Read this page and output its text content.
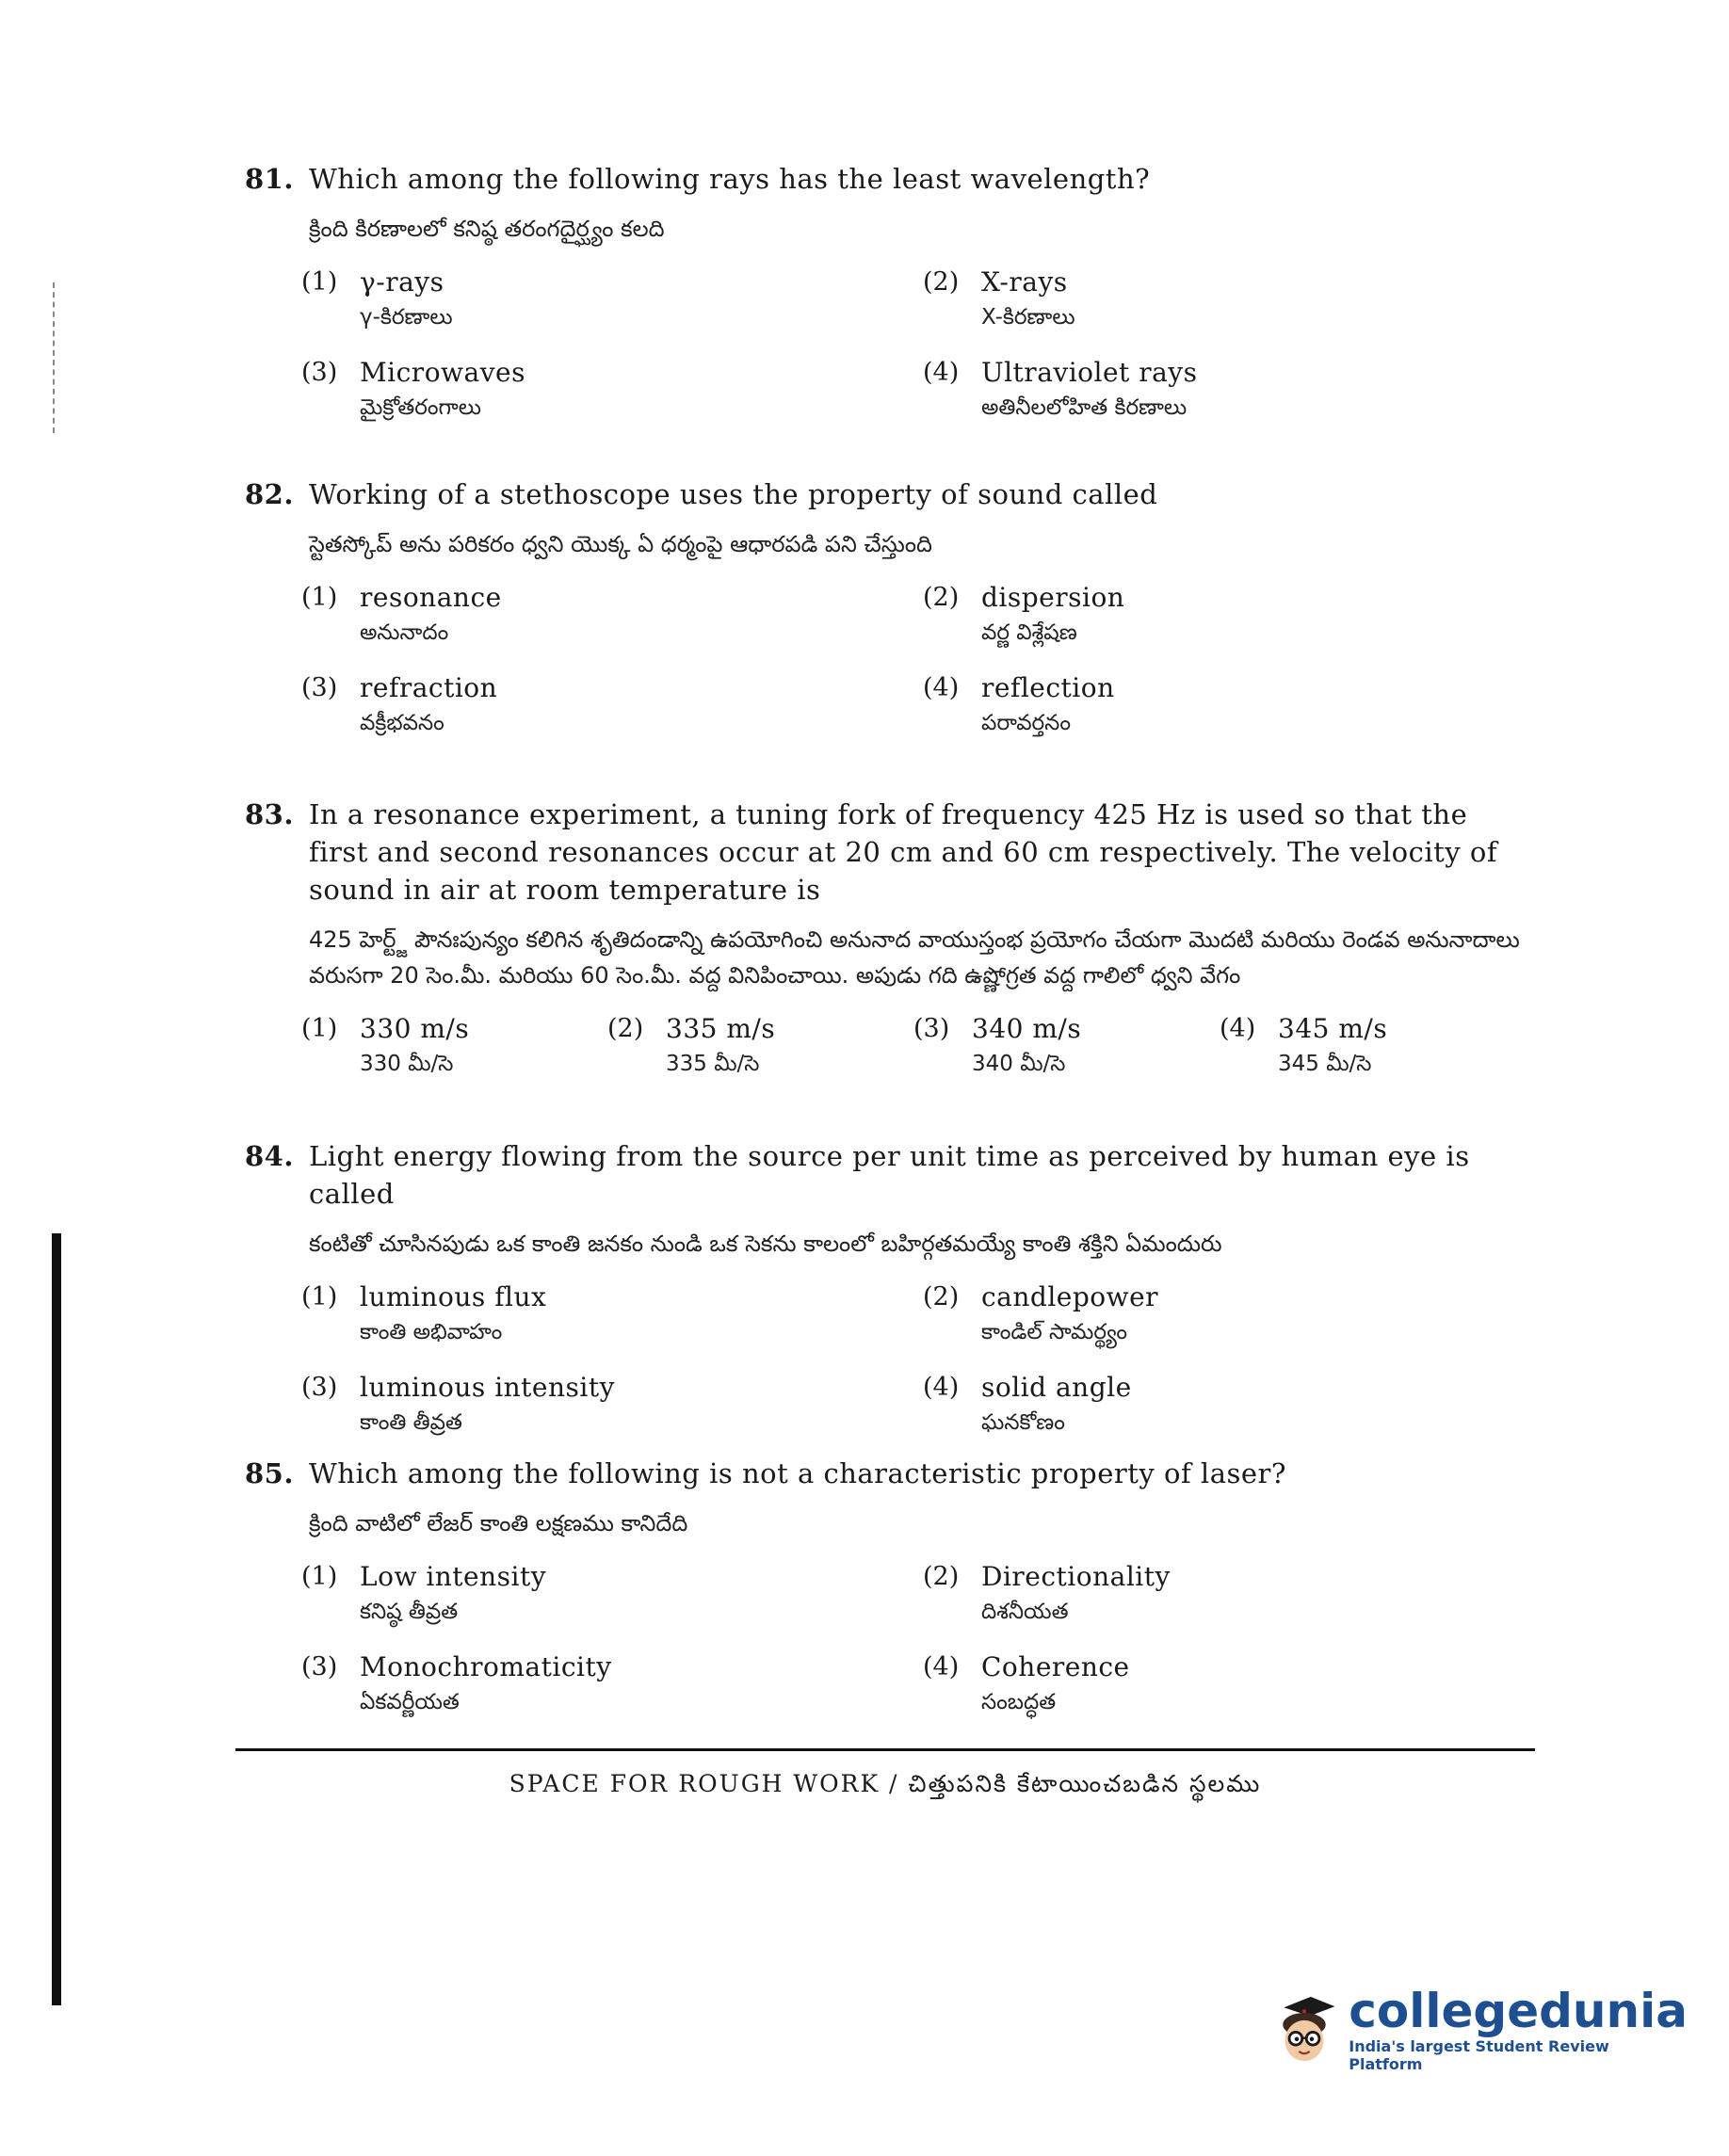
81. Which among the following rays has the least wavelength?
క్రింది కిరణాలలో కనిష్ఠ తరంగదైర్ఘ్యం కలది
(1) γ-rays
γ-కిరణాలు
(2) X-rays
X-కిరణాలు
(3) Microwaves
మైక్రోతరంగాలు
(4) Ultraviolet rays
అతినీలలోహిత కిరణాలు
82. Working of a stethoscope uses the property of sound called
స్టెతస్కోప్ అను పరికరం ధ్వని యొక్క ఏ ధర్మంపై ఆధారపడి పని చేస్తుంది
(1) resonance
అనునాదం
(2) dispersion
వర్ణ విశ్లేషణ
(3) refraction
వక్రీభవనం
(4) reflection
పరావర్తనం
83. In a resonance experiment, a tuning fork of frequency 425 Hz is used so that the first and second resonances occur at 20 cm and 60 cm respectively. The velocity of sound in air at room temperature is
425 హెర్ట్జ్ పౌనఃపున్యం కలిగిన శృతిదండాన్ని ఉపయోగించి అనునాద వాయుస్తంభ ప్రయోగం చేయగా మొదటి మరియు రెండవ అనునాదాలు వరుసగా 20 సెం.మీ. మరియు 60 సెం.మీ. వద్ద వినిపించాయి. అపుడు గది ఉష్ణోగ్రత వద్ద గాలిలో ధ్వని వేగం
(1) 330 m/s
330 మీ/సె
(2) 335 m/s
335 మీ/సె
(3) 340 m/s
340 మీ/సె
(4) 345 m/s
345 మీ/సె
84. Light energy flowing from the source per unit time as perceived by human eye is called
కంటితో చూసినపుడు ఒక కాంతి జనకం నుండి ఒక సెకను కాలంలో బహిర్గతమయ్యే కాంతి శక్తిని ఏమందురు
(1) luminous flux
కాంతి అభివాహం
(2) candlepower
కాండిల్ సామర్థ్యం
(3) luminous intensity
కాంతి తీవ్రత
(4) solid angle
ఘనకోణం
85. Which among the following is not a characteristic property of laser?
క్రింది వాటిలో లేజర్ కాంతి లక్షణము కానిదేది
(1) Low intensity
కనిష్ఠ తీవ్రత
(2) Directionality
దిశనీయత
(3) Monochromaticity
ఏకవర్ణీయత
(4) Coherence
సంబద్ధత
SPACE FOR ROUGH WORK / చిత్తుపనికి కేటాయించబడిన స్థలము
collegedunia
India's largest Student Review Platform
